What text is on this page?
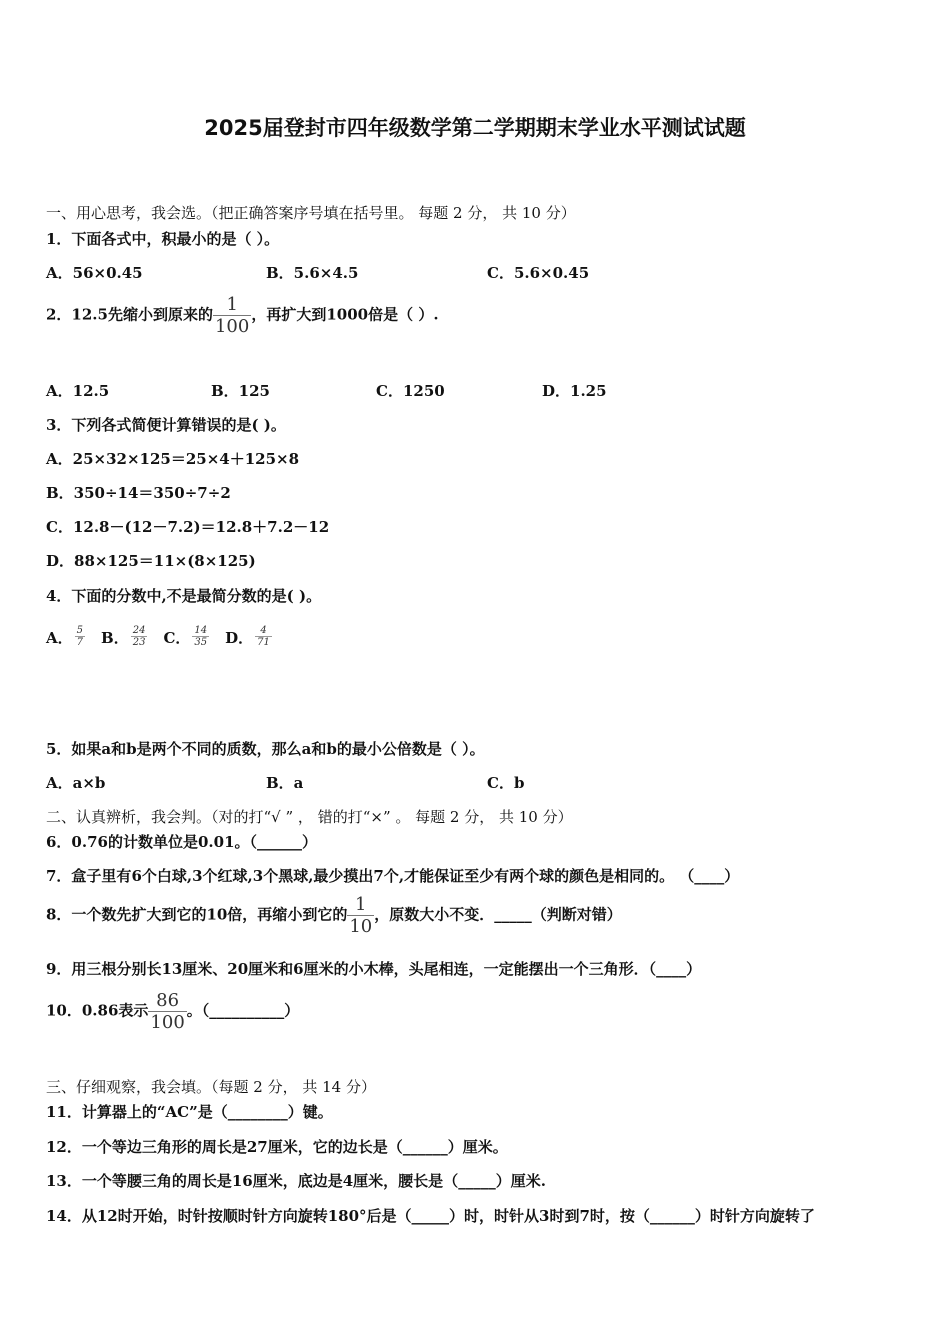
2025届登封市四年级数学第二学期期末学业水平测试试题
一、用心思考，我会选。（把正确答案序号填在括号里。 每题 2 分， 共 10 分）
1．下面各式中，积最小的是（ ）。
A．56×0.45	B．5.6×4.5	C．5.6×0.45
2．12.5先缩小到原来的 $\frac{1}{100}$ ，再扩大到1000倍是（ ）.
A．12.5	B．125	C．1250	D．1.25
3．下列各式简便计算错误的是( )。
A．25×32×125＝25×4＋125×8
B．350÷14＝350÷7÷2
C．12.8－(12－7.2)＝12.8＋7.2－12
D．88×125＝11×(8×125)
4．下面的分数中,不是最简分数的是( )。
A． $\frac{5}{7}$ B． $\frac{24}{23}$ C． $\frac{14}{35}$ D． $\frac{4}{71}$
5．如果a和b是两个不同的质数，那么a和b的最小公倍数是（ ）。
A．a×b	B．a	C．b
二、认真辨析，我会判。（对的打“√ ” ， 错的打“×” 。 每题 2 分， 共 10 分）
6．0.76的计数单位是0.01。（______）
7．盒子里有6个白球,3个红球,3个黑球,最少摸出7个,才能保证至少有两个球的颜色是相同的。 （____）
8．一个数先扩大到它的10倍，再缩小到它的 $\frac{1}{10}$ ，原数大小不变．_____（判断对错）
9．用三根分别长13厘米、20厘米和6厘米的小木棒，头尾相连，一定能摆出一个三角形．（____）
10．0.86表示 $\frac{86}{100}$ 。（__________）
三、仔细观察，我会填。（每题 2 分， 共 14 分）
11．计算器上的“AC”是（________）键。
12．一个等边三角形的周长是27厘米，它的边长是（______）厘米。
13．一个等腰三角的周长是16厘米，底边是4厘米，腰长是（_____）厘米.
14．从12时开始，时针按顺时针方向旋转180°后是（_____）时，时针从3时到7时，按（______）时针方向旋转了
